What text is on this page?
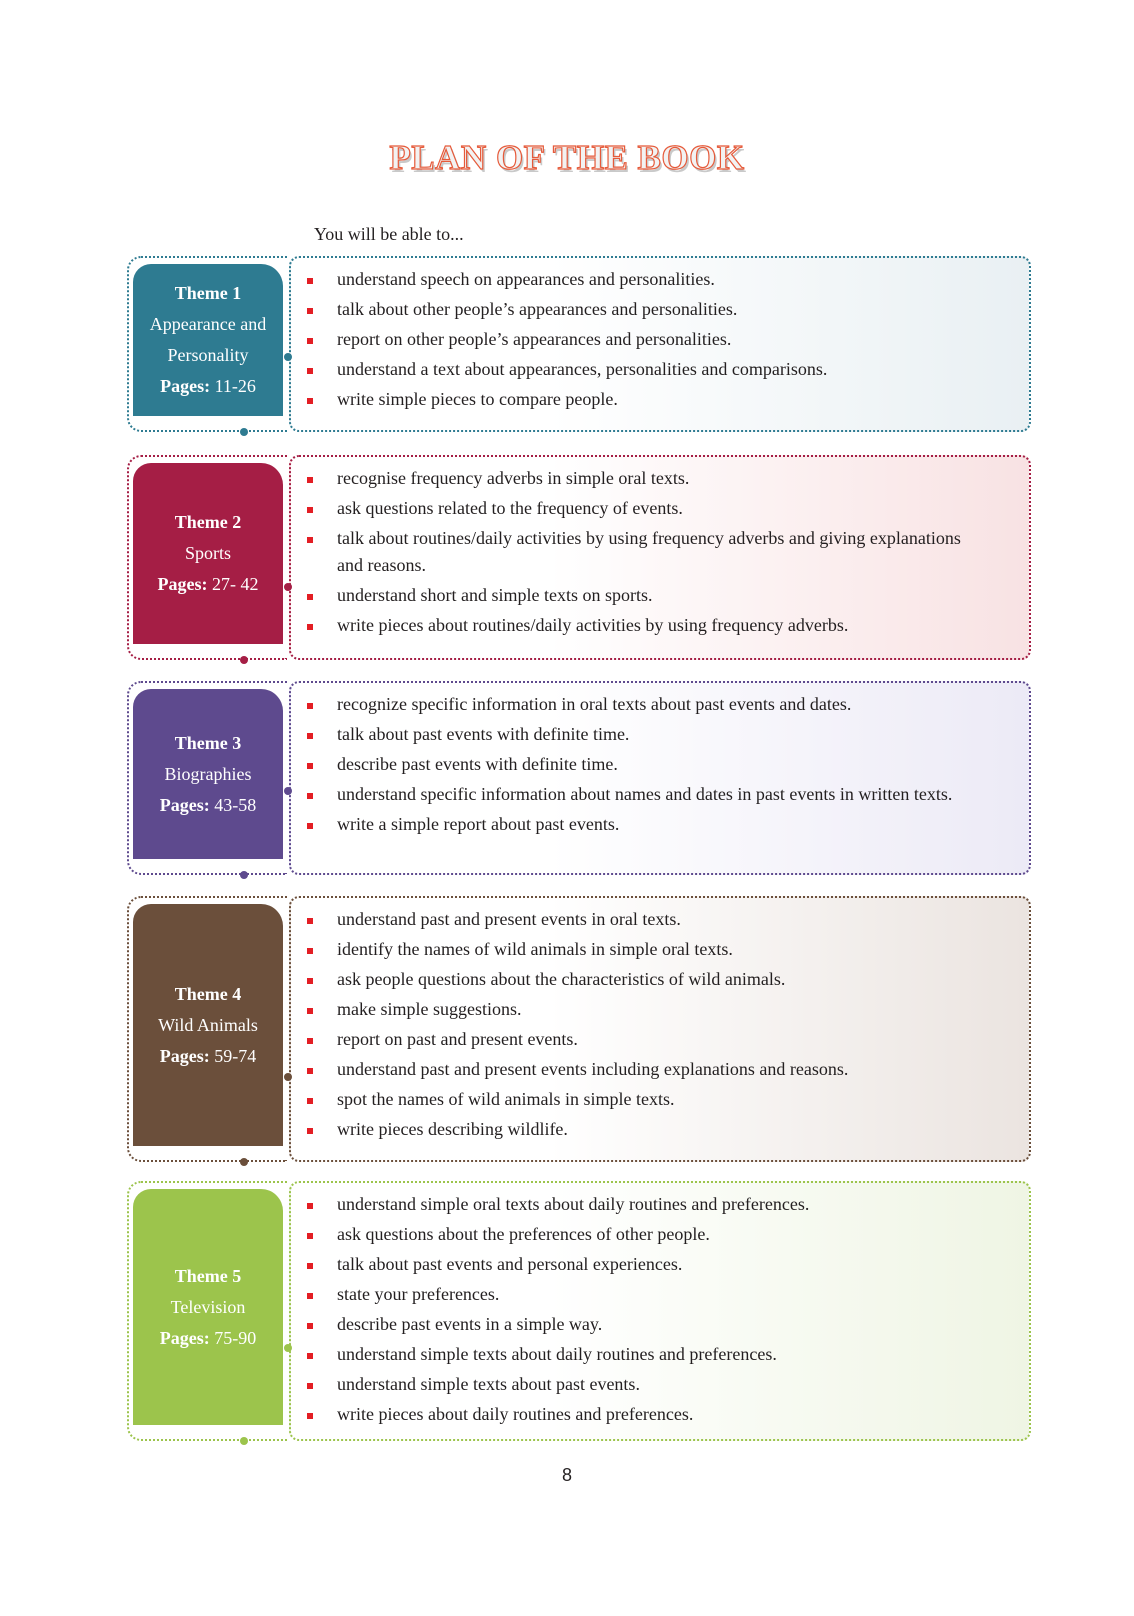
PLAN OF THE BOOK
You will be able to...
Theme 1
Appearance and Personality
Pages: 11-26
understand speech on appearances and personalities.
talk about other people’s appearances and personalities.
report on other people’s appearances and personalities.
understand a text about appearances, personalities and comparisons.
write simple pieces to compare people.
Theme 2
Sports
Pages: 27- 42
recognise frequency adverbs in simple oral texts.
ask questions related to the frequency of events.
talk about routines/daily activities by using frequency adverbs and giving explanations and reasons.
understand short and simple texts on sports.
write pieces about routines/daily activities by using frequency adverbs.
Theme 3
Biographies
Pages: 43-58
recognize specific information in oral texts about past events and dates.
talk about past events with definite time.
describe past events with definite time.
understand specific information about names and dates in past events in written texts.
write a simple report about past events.
Theme 4
Wild Animals
Pages: 59-74
understand past and present events in oral texts.
identify the names of wild animals in simple oral texts.
ask people questions about the characteristics of wild animals.
make simple suggestions.
report on past and present events.
understand past and present events including explanations and reasons.
spot the names of wild animals in simple texts.
write pieces describing wildlife.
Theme 5
Television
Pages: 75-90
understand simple oral texts about daily routines and preferences.
ask questions about the preferences of other people.
talk about past events and personal experiences.
state your preferences.
describe past events in a simple way.
understand simple texts about daily routines and preferences.
understand simple texts about past events.
write pieces about daily routines and preferences.
8
